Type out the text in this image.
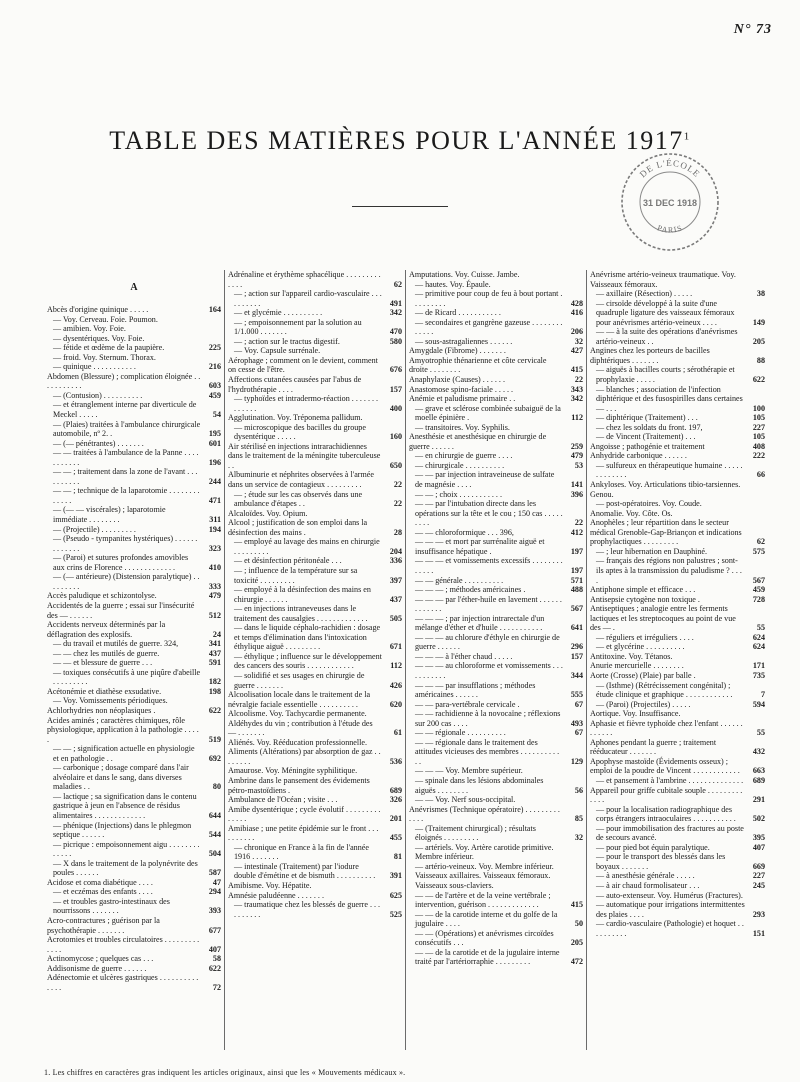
N° 73
TABLE DES MATIÈRES POUR L'ANNÉE 1917$^1$
DE L'ÉCOLE
31 DEC 1918
PARIS
A
Abcès d'origine quinique . . . . .	164
— Voy. Cerveau. Foie. Poumon.
— amibien. Voy. Foie.
— dysentériques. Voy. Foie.
— fétide et œdème de la paupière.	225
— froid. Voy. Sternum. Thorax.
— quinique . . . . . . . . . . .	216
Abdomen (Blessure) ; complication éloignée . . . . . . . . . . .	603
— (Contusion) . . . . . . . . . .	459
— et étranglement interne par diverticule de Meckel . . . . .	54
— (Plaies) traitées à l'ambulance chirurgicale automobile, nº 2. .	195
— (— pénétrantes) . . . . . . .	601
— — traitées à l'ambulance de la Panne . . . . . . . . . . .	196
— — ; traitement dans la zone de l'avant . . . . . . . . . .	244
— — ; technique de la laparotomie . . . . . . . . . . . . .	471
— (— — viscérales) ; laparotomie immédiate . . . . . . . .	311
— (Projectile) . . . . . . . . .	194
— (Pseudo - tympanites hystériques) . . . . . . . . . . . . .	323
— (Paroi) et sutures profondes amovibles aux crins de Florence . . . . . . . . . . . . .	410
— (— antérieure) (Distension paralytique) . . . . . . . . .	333
Accès paludique et schizontolyse.	479
Accidentés de la guerre ; essai sur l'insécurité des — . . . . . .	512
Accidents nerveux déterminés par la déflagration des explosifs.	24
— du travail et mutilés de guerre. 324,	341
— — chez les mutilés de guerre.	437
— — et blessure de guerre . . .	591
— toxiques consécutifs à une piqûre d'abeille . . . . . . . . .	182
Acétonémie et diathèse exsudative.	198
— Voy. Vomissements périodiques.
Achlorhydries non néoplasiques .	622
Acides aminés ; caractères chimiques, rôle physiologique, application à la pathologie . . . . .	519
— — ; signification actuelle en physiologie et en pathologie . .	692
— carbonique ; dosage comparé dans l'air alvéolaire et dans le sang, dans diverses maladies . .	80
— lactique ; sa signification dans le contenu gastrique à jeun en l'absence de résidus alimentaires . . . . . . . . . . . . .	644
— phénique (Injections) dans le phlegmon septique . . . . . .	544
— picrique : empoisonnement aigu . . . . . . . . . . . . .	504
— X dans le traitement de la polynévrite des poules . . . . . .	587
Acidose et coma diabétique . . . .	47
— et eczémas des enfants . . . .	294
— et troubles gastro-intestinaux des nourrissons . . . . . . .	393
Acro-contractures ; guérison par la psychothérapie . . . . . . .	677
Acrotomies et troubles circulatoires . . . . . . . . . . . . .	407
Actinomycose ; quelques cas . . .	58
Addisonisme de guerre . . . . . .	622
Adénectomie et ulcères gastriques . . . . . . . . . . . . . .	72
Adrénaline et érythème sphacélique . . . . . . . . . . . . .	62
— ; action sur l'appareil cardio-vasculaire . . . . . . . . . .	491
— et glycémie . . . . . . . . . .	342
— ; empoisonnement par la solution au 1/1.000 . . . . . . .	470
— ; action sur le tractus digestif.	580
— Voy. Capsule surrénale.
Aérophage ; comment on le devient, comment on cesse de l'être.	676
Affections cutanées causées par l'abus de l'hydrothérapie . . . .	157
— typhoïdes et intradermo-réaction . . . . . . . . . . . . .	400
Agglutination. Voy. Tréponema pallidum.
— microscopique des bacilles du groupe dysentérique . . . . .	160
Air stérilisé en injections intrarachidiennes dans le traitement de la méningite tuberculeuse . .	650
Albuminurie et néphrites observées à l'armée dans un service de contagieux . . . . . . . . .	22
— ; étude sur les cas observés dans une ambulance d'étapes . .	22
Alcaloïdes. Voy. Opium.
Alcool ; justification de son emploi dans la désinfection des mains .	28
— employé au lavage des mains en chirurgie . . . . . . . . .	204
— et désinfection péritonéale . . .	336
— ; influence de la température sur sa toxicité . . . . . . . . .	397
— employé à la désinfection des mains en chirurgie . . . . . .	437
— en injections intraneveuses dans le traitement des causalgies . . . . . . . . . . . . .	505
— dans le liquide céphalo-rachidien : dosage et temps d'élimination dans l'intoxication éthylique aiguë . . . . . . . . .	671
— éthylique ; influence sur le développement des cancers des souris . . . . . . . . . . . .	112
— solidifié et ses usages en chirurgie de guerre . . . . . . .	426
Alcoolisation locale dans le traitement de la névralgie faciale essentielle . . . . . . . . . .	620
Alcoolisme. Voy. Tachycardie permanente.
Aldéhydes du vin ; contribution à l'étude des — . . . . . . .	61
Aliénés. Voy. Rééducation professionnelle.
Aliments (Altérations) par absorption de gaz . . . . . . . .	536
Amaurose. Voy. Méningite syphilitique.
Ambrine dans le pansement des évidements pétro-mastoïdiens .	689
Ambulance de l'Océan ; visite . . .	326
Amibe dysentérique ; cycle évolutif . . . . . . . . . . . . . .	201
Amibiase ; une petite épidémie sur le front . . . . . . . . . .	455
— chronique en France à la fin de l'année 1916 . . . . . . .	81
— intestinale (Traitement) par l'iodure double d'émétine et de bismuth . . . . . . . . . .	391
Amibisme. Voy. Hépatite.
Amnésie paludéenne . . . . . . .	625
— traumatique chez les blessés de guerre . . . . . . . . . .	525
Amputations. Voy. Cuisse. Jambe.
— hautes. Voy. Épaule.
— primitive pour coup de feu à bout portant . . . . . . . . .	428
— de Ricard . . . . . . . . . . .	416
— secondaires et gangrène gazeuse . . . . . . . . . . . . .	206
— sous-astragaliennes . . . . . .	32
Amygdale (Fibrome) . . . . . . .	427
Amyotrophie thénarienne et côte cervicale droite . . . . . . . .	415
Anaphylaxie (Causes) . . . . . .	22
Anastomose spino-faciale . . . . .	343
Anémie et paludisme primaire . .	342
— grave et sclérose combinée subaiguë de la moelle épinière .	112
— transitoires. Voy. Syphilis.
Anesthésie et anesthésique en chirurgie de guerre . . . . . .	259
— en chirurgie de guerre . . . .	479
— chirurgicale . . . . . . . . . .	53
— — par injection intraveineuse de sulfate de magnésie . . . .	141
— — ; choix . . . . . . . . . . .	396
— — par l'intubation directe dans les opérations sur la tête et le cou ; 150 cas . . . . . . . . .	22
— — chloroformique . . . 396,	412
— — — et mort par surrénalite aiguë et insuffisance hépatique .	197
— — — et vomissements excessifs . . . . . . . . . . . . .	197
— — générale . . . . . . . . . .	571
— — — ; méthodes américaines .	488
— — — par l'éther-huile en lavement . . . . . . . . . . . . .	567
— — — ; par injection intrarectale d'un mélange d'éther et d'huile . . . . . . . . . . .	641
— — — au chlorure d'éthyle en chirurgie de guerre . . . . . .	296
— — — à l'éther chaud . . . . .	157
— — — au chloroforme et vomissements . . . . . . . . . . .	344
— — — par insufflations ; méthodes américaines . . . . . .	555
— — para-vertébrale cervicale .	67
— — rachidienne à la novocaïne ; réflexions sur 200 cas . . . .	493
— — régionale . . . . . . . . . .	67
— — régionale dans le traitement des attitudes vicieuses des membres . . . . . . . . . . . .	129
— — — Voy. Membre supérieur.
— spinale dans les lésions abdominales aiguës . . . . . . . .	56
— — Voy. Nerf sous-occipital.
Anévrismes (Technique opératoire) . . . . . . . . . . . . .	85
— (Traitement chirurgical) ; résultats éloignés . . . . . . . . .	32
— artériels. Voy. Artère carotide primitive. Membre inférieur.
— artério-veineux. Voy. Membre inférieur. Vaisseaux axillaires. Vaisseaux fémoraux. Vaisseaux sous-claviers.
— — de l'artère et de la veine vertébrale ; intervention, guérison . . . . . . . . . . . . .	415
— — de la carotide interne et du golfe de la jugulaire . . . .	50
— — (Opérations) et anévrismes circoïdes consécutifs . . .	205
— — de la carotide et de la jugulaire interne traité par l'artériorraphie . . . . . . . . .	472
Anévrisme artério-veineux traumatique. Voy. Vaisseaux fémoraux.
— axillaire (Résection) . . . . .	38
— cirsoïde développé à la suite d'une quadruple ligature des vaisseaux fémoraux pour anévrismes artério-veineux . . . .	149
— — à la suite des opérations d'anévrismes artério-veineux . .	205
Angines chez les porteurs de bacilles diphtériques . . . . . . .	88
— aiguës à bacilles courts ; sérothérapie et prophylaxie . . . . .	622
— blanches ; association de l'infection diphtérique et des fusospirilles dans certaines — . . .	100
— diphtérique (Traitement) . . .	105
— chez les soldats du front. 197,	227
— de Vincent (Traitement) . . .	105
Angoisse ; pathogénie et traitement	408
Anhydride carbonique . . . . . .	222
— sulfureux en thérapeutique humaine . . . . . . . . . . . . .	66
Ankyloses. Voy. Articulations tibio-tarsiennes. Genou.
— post-opératoires. Voy. Coude.
Anomalie. Voy. Côte. Os.
Anophèles ; leur répartition dans le secteur médical Grenoble-Gap-Briançon et indications prophylactiques . . . . . . . . .	62
— ; leur hibernation en Dauphiné.	575
— français des régions non palustres ; sont-ils aptes à la transmission du paludisme ? . . . .	567
Antiphone simple et efficace . . .	459
Antisepsie cytogène non toxique .	728
Antiseptiques ; analogie entre les ferments lactiques et les streptocoques au point de vue des — .	55
— réguliers et irréguliers . . . .	624
— et glycérine . . . . . . . . . .	624
Antitoxine. Voy. Tétanos.
Anurie mercurielle . . . . . . . .	171
Aorte (Crosse) (Plaie) par balle .	735
— (Isthme) (Rétrécissement congénital) ; étude clinique et graphique . . . . . . . . . . . .	7
— (Paroi) (Projectiles) . . . . .	594
Aortique. Voy. Insuffisance.
Aphasie et fièvre typhoïde chez l'enfant . . . . . . . . . . . .	55
Aphones pendant la guerre ; traitement rééducateur . . . . . . .	432
Apophyse mastoïde (Évidements osseux) ; emploi de la poudre de Vincent . . . . . . . . . . . .	663
— et pansement à l'ambrine . . . . . . . . . . . . . .	689
Appareil pour griffe cubitale souple . . . . . . . . . . . . .	291
— pour la localisation radiographique des corps étrangers intraoculaires . . . . . . . . . . .	502
— pour immobilisation des fractures au poste de secours avancé.	395
— pour pied bot équin paralytique.	407
— pour le transport des blessés dans les boyaux . . . . . . .	669
— à anesthésie générale . . . . .	227
— à air chaud formolisateur . . .	245
— auto-extenseur. Voy. Humérus (Fractures).
— automatique pour irrigations intermittentes des plaies . . . .	293
— cardio-vasculaire (Pathologie) et hoquet . . . . . . . . . .	151
1. Les chiffres en caractères gras indiquent les articles originaux, ainsi que les « Mouvements médicaux ».
